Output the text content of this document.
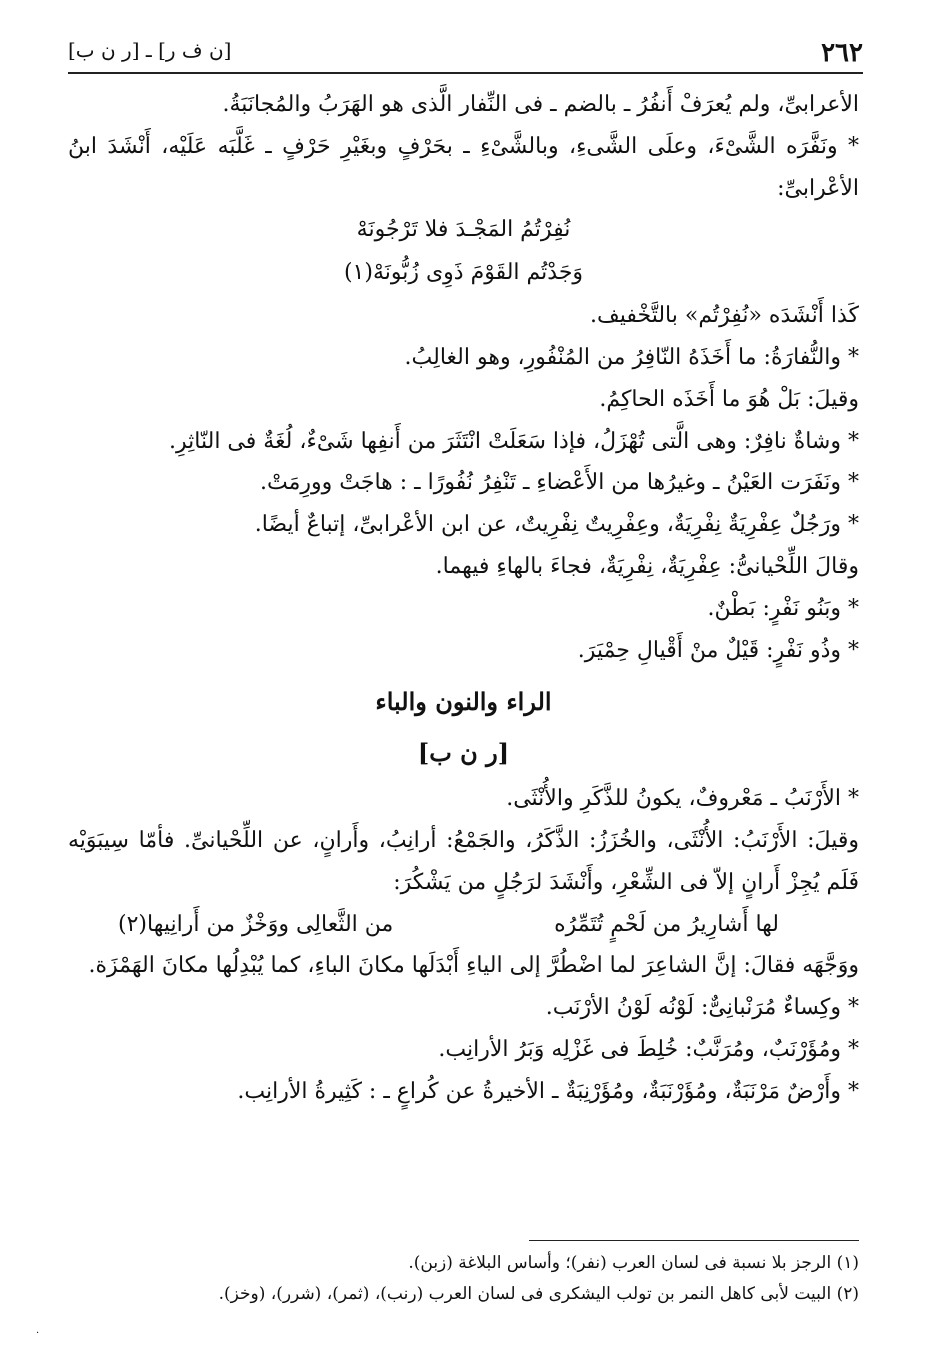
٢٦٢
[ن ف ر] ـ [ر ن ب]

الأعرابىِّ، ولم يُعرَفْ أَنفُرُ ـ بالضم ـ فى النِّفار الَّذى هو الهَرَبُ والمُجانَبَةُ.

* ونَفَّرَه الشَّىْءَ، وعلَى الشَّىءِ، وبالشَّىْءِ ـ بحَرْفٍ وبغَيْرِ حَرْفٍ ـ غَلَّبَه عَلَيْه، أَنْشَدَ ابنُ الأعْرابىِّ:

نُفِرْتُمُ المَجْـدَ فلا تَرْجُونَهْ

وَجَدْتُم القَوْمَ ذَوِى زُبُّونَهْ(١)

كَذا أَنْشَدَه «نُفِرْتُم» بالتَّخْفيف.

* والنُّفارَةُ: ما أَخَذَهُ النّافِرُ من المُنْفُورِ، وهو الغالِبُ.

وقيلَ: بَلْ هُوَ ما أَخَذَه الحاكِمُ.

* وشاةٌ نافِرٌ: وهى الَّتى تُهْزَلُ، فإذا سَعَلَتْ انْتَثَرَ من أَنفِها شَىْءٌ، لُغَةٌ فى النّاثِرِ.

* ونَفَرَت العَيْنُ ـ وغيرُها من الأَعْضاءِ ـ تَنْفِرُ نُفُورًا ـ : هاجَتْ وورِمَتْ.

* ورَجُلٌ عِفْرِيَةٌ نِفْرِيَةٌ، وعِفْرِيتٌ نِفْرِيتٌ، عن ابن الأعْرابىِّ، إتباعٌ أيضًا.

وقالَ اللِّحْيانىُّ: عِفْرِيَةٌ، نِفْرِيَةٌ، فجاءَ بالهاءِ فيهما.

* وبَنُو نَفْرٍ: بَطْنٌ.

* وذُو نَفْرٍ: قَيْلٌ منْ أَقْيالِ حِمْيَرَ.

الراء والنون والباء

[ر ن ب]

* الأَرْنَبُ ـ مَعْروفٌ، يكونُ للذَّكَرِ والأُنْثَى.

وقيلَ: الأَرْنَبُ: الأُنْثَى، والخُزَزُ: الذَّكَرُ، والجَمْعُ: أرانِبُ، وأَرانٍ، عن اللِّحْيانىِّ. فأمّا سِيبَوَيْه فَلَم يُجِزْ أَرانٍ إلاّ فى الشِّعْرِ، وأَنْشَدَ لرَجُلٍ من يَشْكُرَ:

لها أَشارِيرُ من لَحْمٍ تُتَمِّرُه
من الثَّعالِى ووَخْزٌ من أَرانِيها(٢)

ووَجَّهَه فقالَ: إنَّ الشاعِرَ لما اضْطُرَّ إلى الياءِ أَبْدَلَها مكانَ الباءِ، كما يُبْدِلُها مكانَ الهَمْزَة.

* وكِساءٌ مُرَنْبانِىٌّ: لَوْنُه لَوْنُ الأرْنَب.

* ومُؤَرْنَبٌ، ومُرَنَّبٌ: خُلِطَ فى غَزْلِه وَبَرُ الأرانِب.

* وأَرْضٌ مَرْنَبَةٌ، ومُؤَرْنَبَةٌ، ومُؤَرْنِبَةٌ ـ الأخيرةُ عن كُراعٍ ـ : كَثِيرةُ الأرانِب.

(١) الرجز بلا نسبة فى لسان العرب (نفر)؛ وأساس البلاغة (زبن).

(٢) البيت لأبى كاهل النمر بن تولب اليشكرى فى لسان العرب (رنب)، (ثمر)، (شرر)، (وخز).

·
